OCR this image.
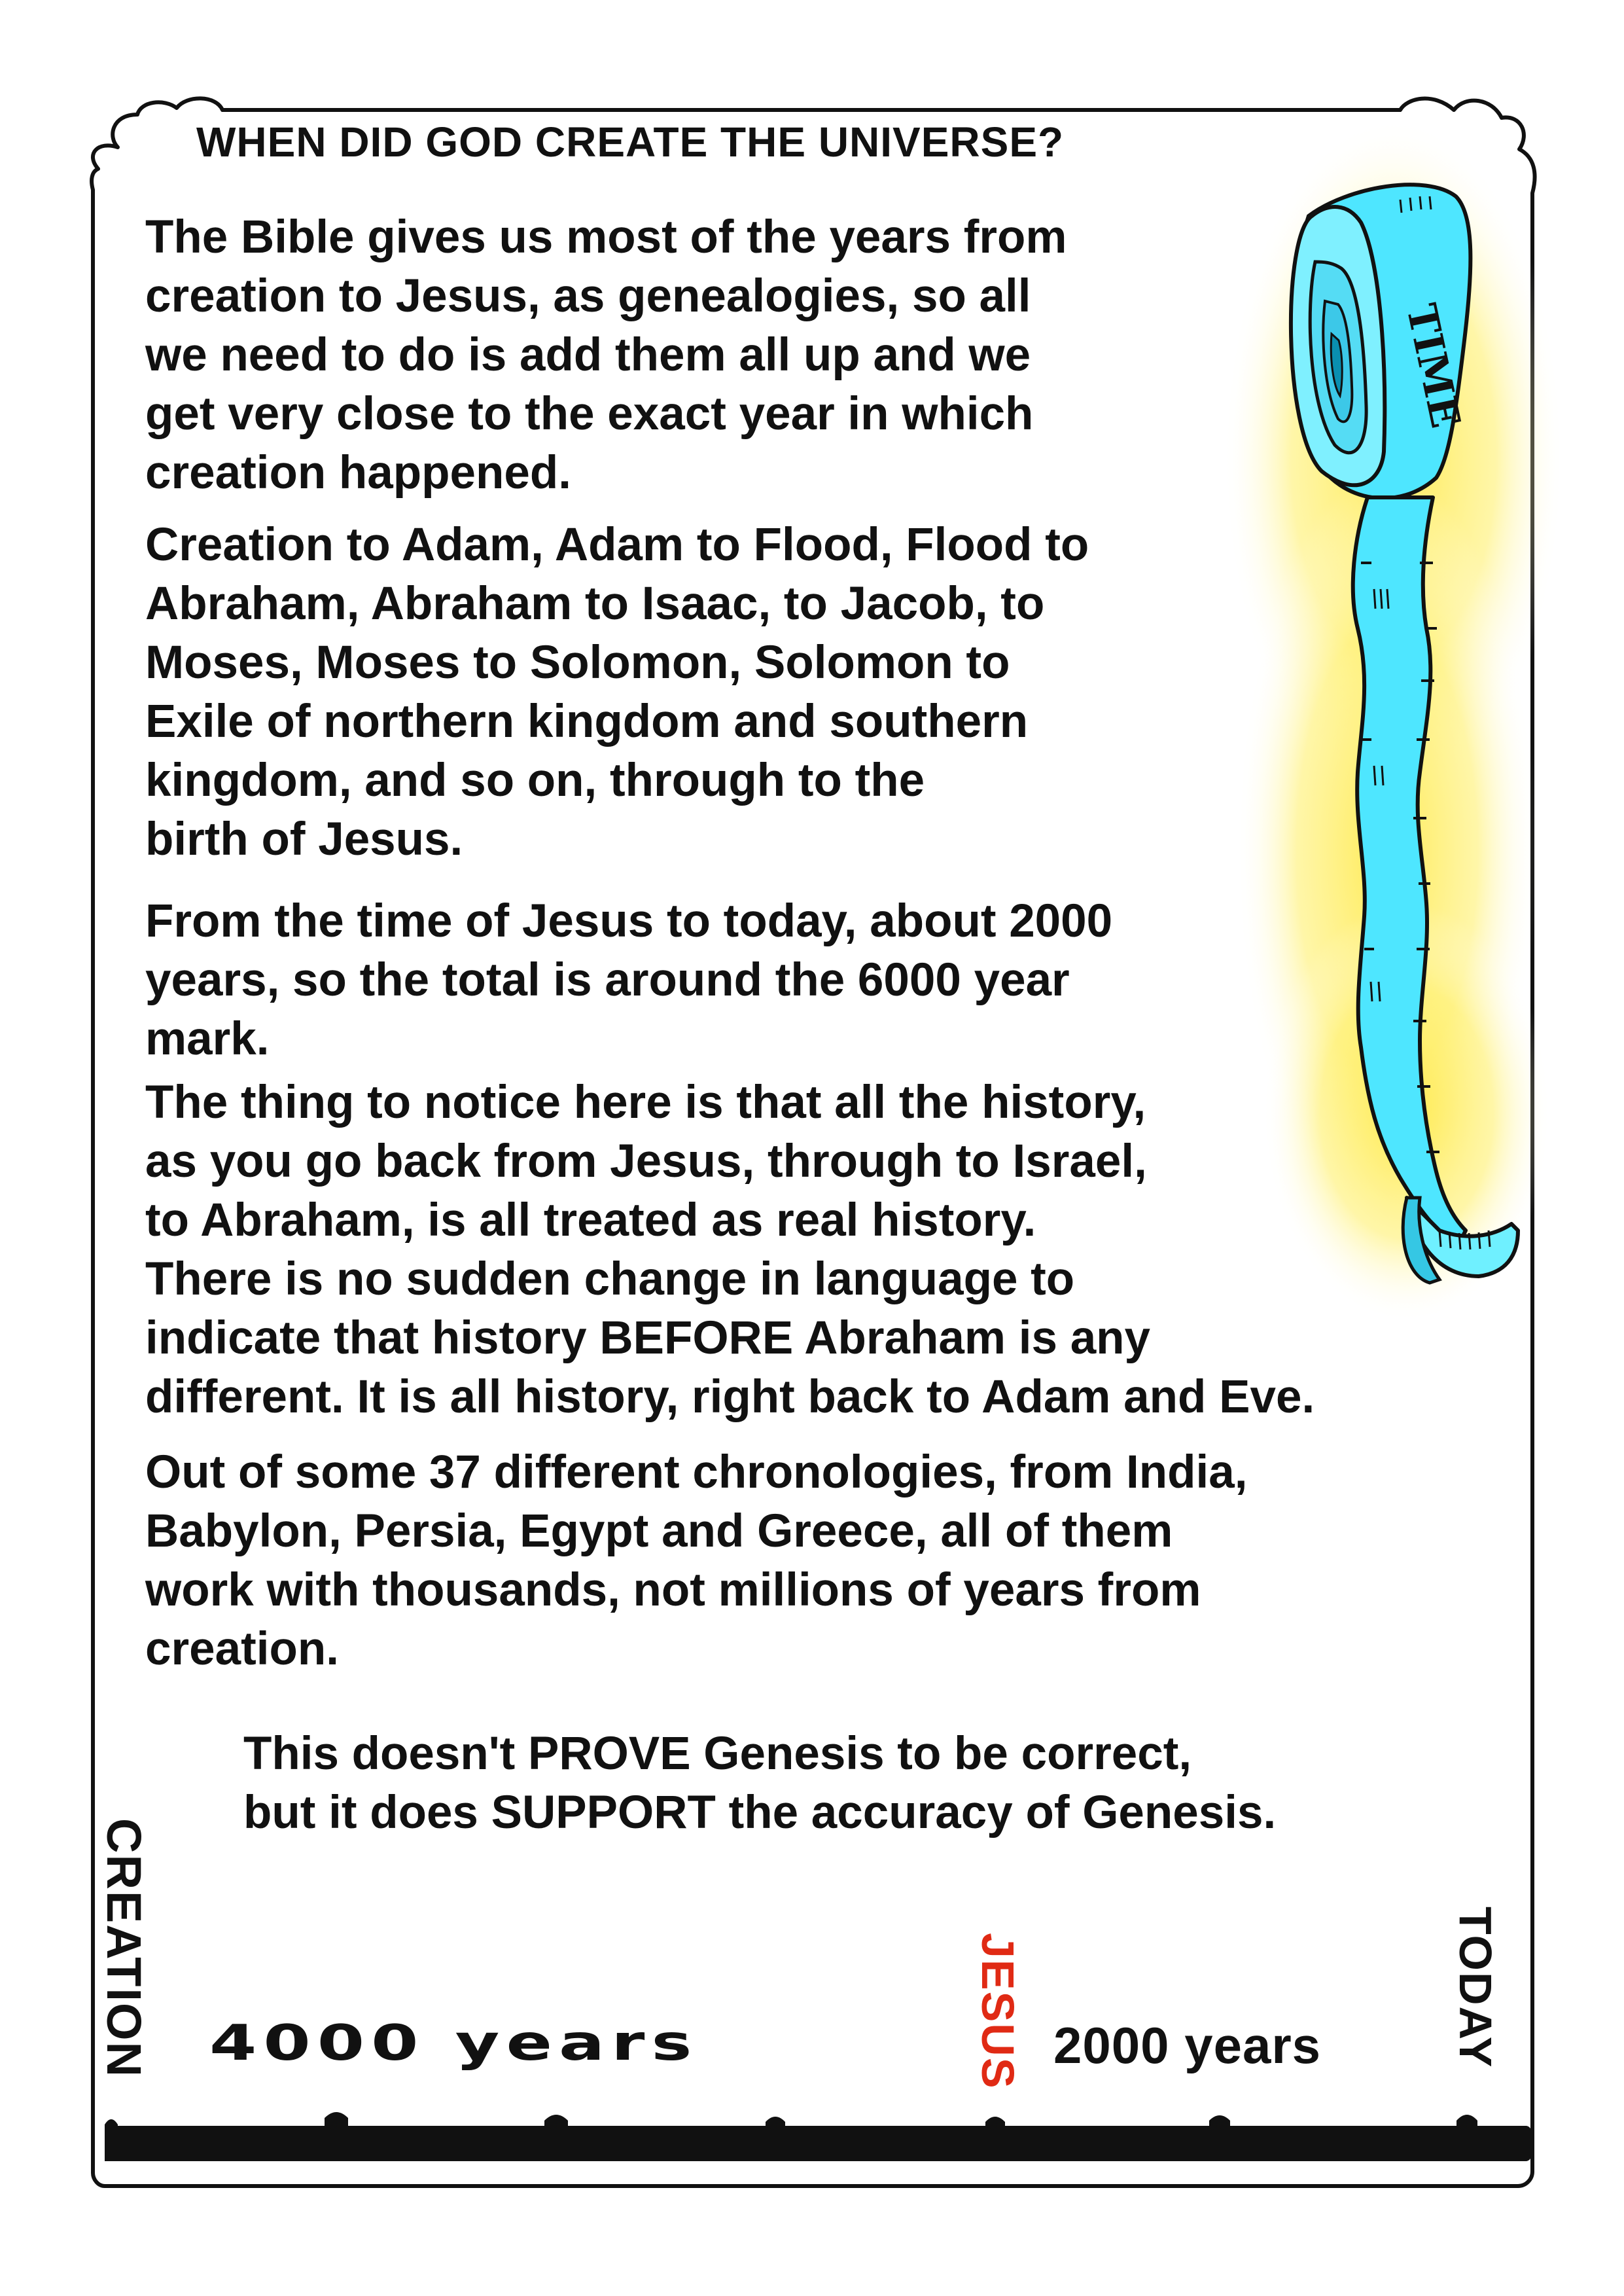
TIME
WHEN DID GOD CREATE THE UNIVERSE?
The Bible gives us most of the years from
creation to Jesus, as genealogies, so all
we need to do is add them all up and we
get very close to the exact year in which
creation happened.
Creation to Adam, Adam to Flood, Flood to
Abraham, Abraham to Isaac, to Jacob, to
Moses, Moses to Solomon, Solomon to
Exile of northern kingdom and southern
kingdom, and so on, through to the
birth of Jesus.
From the time of Jesus to today, about 2000
years, so the total is around the 6000 year
mark.
The thing to notice here is that all the history,
as you go back from Jesus, through to Israel,
to Abraham, is all treated as real history.
There is no sudden change in language to
indicate that history BEFORE Abraham is any
different. It is all history, right back to Adam and Eve.
Out of some 37 different chronologies, from India,
Babylon, Persia, Egypt and Greece, all of them
work with thousands, not millions of years from
creation.
This doesn't PROVE Genesis to be correct,
but it does SUPPORT the accuracy of Genesis.
CREATION	JESUS	TODAY
4000 years	2000 years
